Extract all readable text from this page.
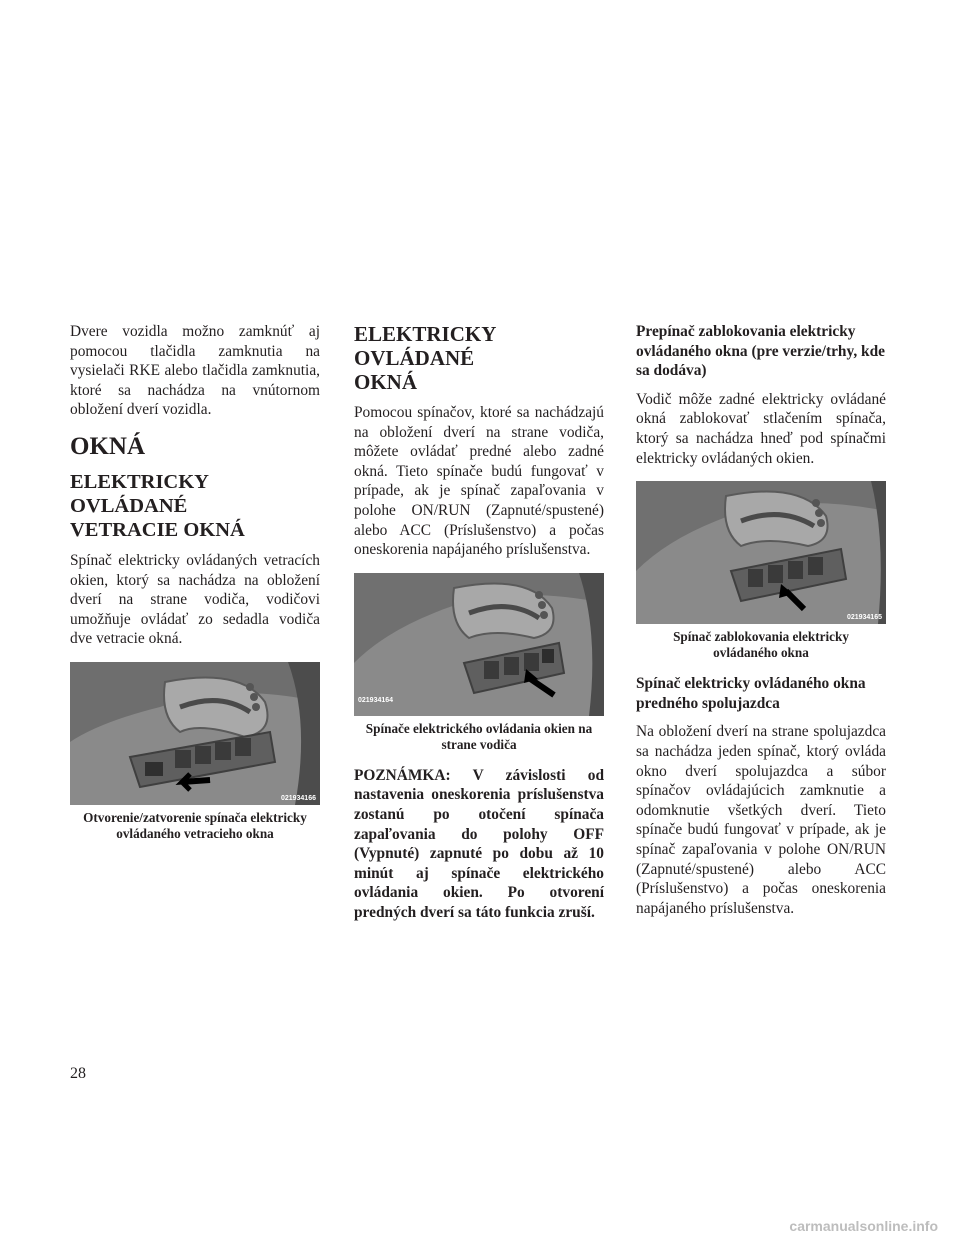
Dvere vozidla možno zamknúť aj pomocou tlačidla zamknutia na vysielači RKE alebo tlačidla zamknutia, ktoré sa nachádza na vnútornom obložení dverí vozidla.

OKNÁ
ELEKTRICKY OVLÁDANÉ
VETRACIE OKNÁ

Spínač elektricky ovládaných vetracích okien, ktorý sa nachádza na obložení dverí na strane vodiča, vodičovi umožňuje ovládať zo sedadla vodiča dve vetracie okná.

021934166
Otvorenie/zatvorenie spínača elektricky
ovládaného vetracieho okna
ELEKTRICKY OVLÁDANÉ
OKNÁ

Pomocou spínačov, ktoré sa nachádzajú na obložení dverí na strane vodiča, môžete ovládať predné alebo zadné okná. Tieto spínače budú fungovať v prípade, ak je spínač zapaľovania v polohe ON/RUN (Zapnuté/spustené) alebo ACC (Príslušenstvo) a počas oneskorenia napájaného príslušenstva.

021934164
Spínače elektrického ovládania okien na
strane vodiča

POZNÁMKA: V závislosti od nastavenia oneskorenia príslušenstva zostanú po otočení spínača zapaľovania do polohy OFF (Vypnuté) zapnuté po dobu až 10 minút aj spínače elektrického ovládania okien. Po otvorení predných dverí sa táto funkcia zruší.

Prepínač zablokovania elektricky ovládaného okna (pre verzie/trhy, kde sa dodáva)

Vodič môže zadné elektricky ovládané okná zablokovať stlačením spínača, ktorý sa nachádza hneď pod spínačmi elektricky ovládaných okien.

021934165
Spínač zablokovania elektricky
ovládaného okna
Spínač elektricky ovládaného okna predného spolujazdca

Na obložení dverí na strane spolujazdca sa nachádza jeden spínač, ktorý ovláda okno dverí spolujazdca a súbor spínačov ovládajúcich zamknutie a odomknutie všetkých dverí. Tieto spínače budú fungovať v prípade, ak je spínač zapaľovania v polohe ON/RUN (Zapnuté/spustené) alebo ACC (Príslušenstvo) a počas oneskorenia napájaného príslušenstva.

28
carmanualsonline.info
